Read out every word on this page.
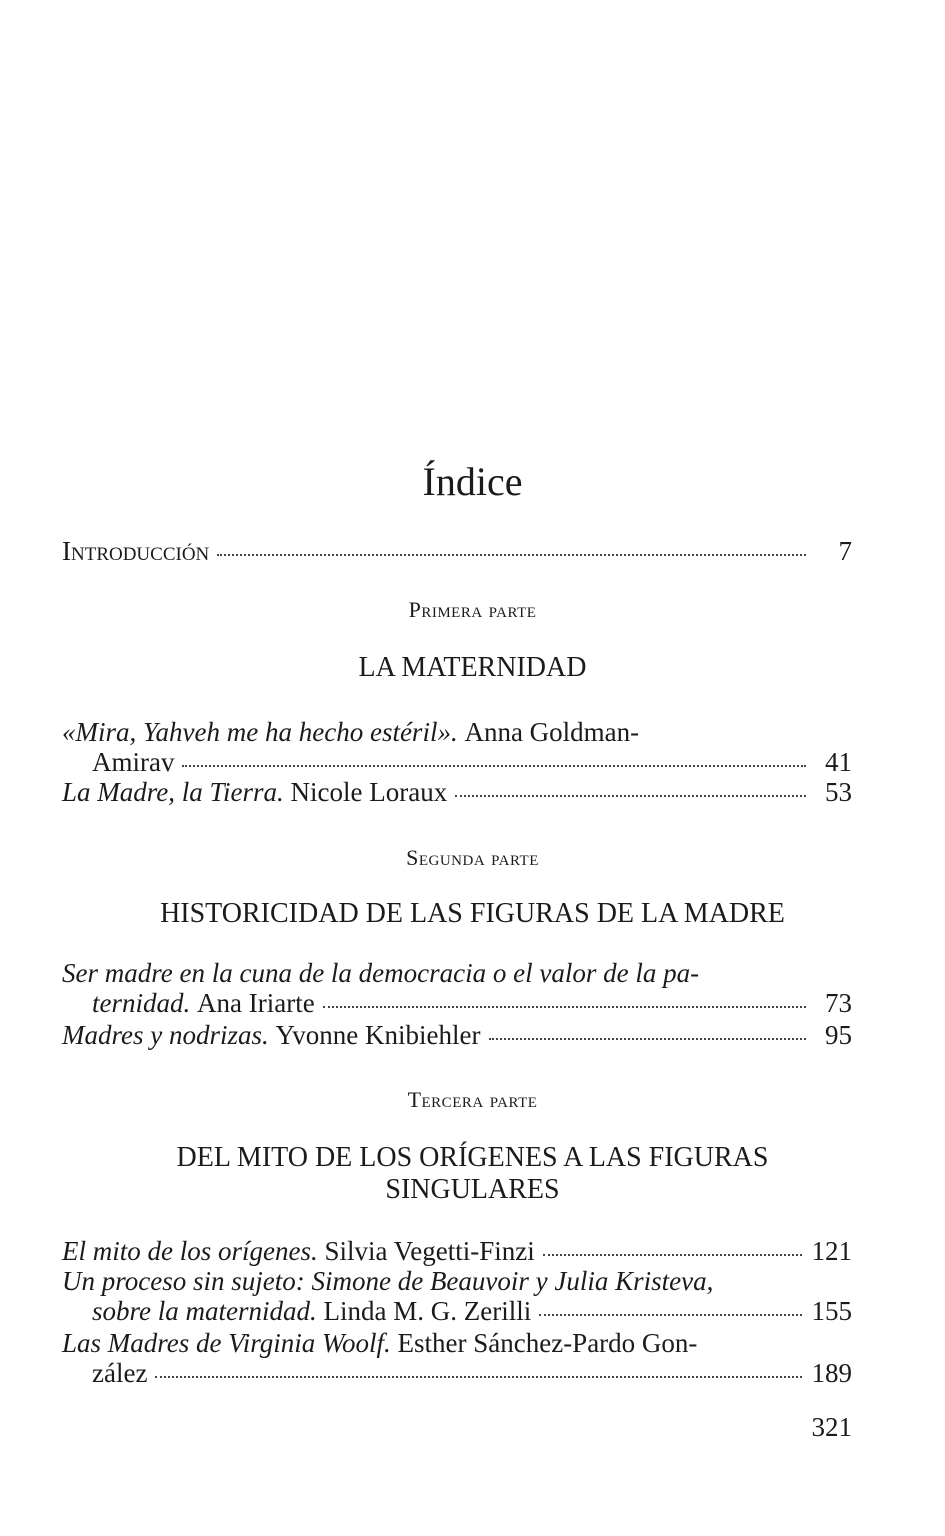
Índice
Introducción	7
Primera parte
LA MATERNIDAD
«Mira, Yahveh me ha hecho estéril».
Anna Goldman-
Amirav	41
La Madre, la Tierra.
Nicole Loraux	53
Segunda parte
HISTORICIDAD DE LAS FIGURAS DE LA MADRE
Ser madre en la cuna de la democracia o el valor de la pa-
ternidad.
Ana Iriarte	73
Madres y nodrizas.
Yvonne Knibiehler	95
Tercera parte
DEL MITO DE LOS ORÍGENES A LAS FIGURAS
SINGULARES
El mito de los orígenes.
Silvia Vegetti-Finzi	121
Un proceso sin sujeto: Simone de Beauvoir y Julia Kristeva,
sobre la maternidad.
Linda M. G. Zerilli	155
Las Madres de Virginia Woolf.
Esther Sánchez-Pardo Gon-
zález	189
321
